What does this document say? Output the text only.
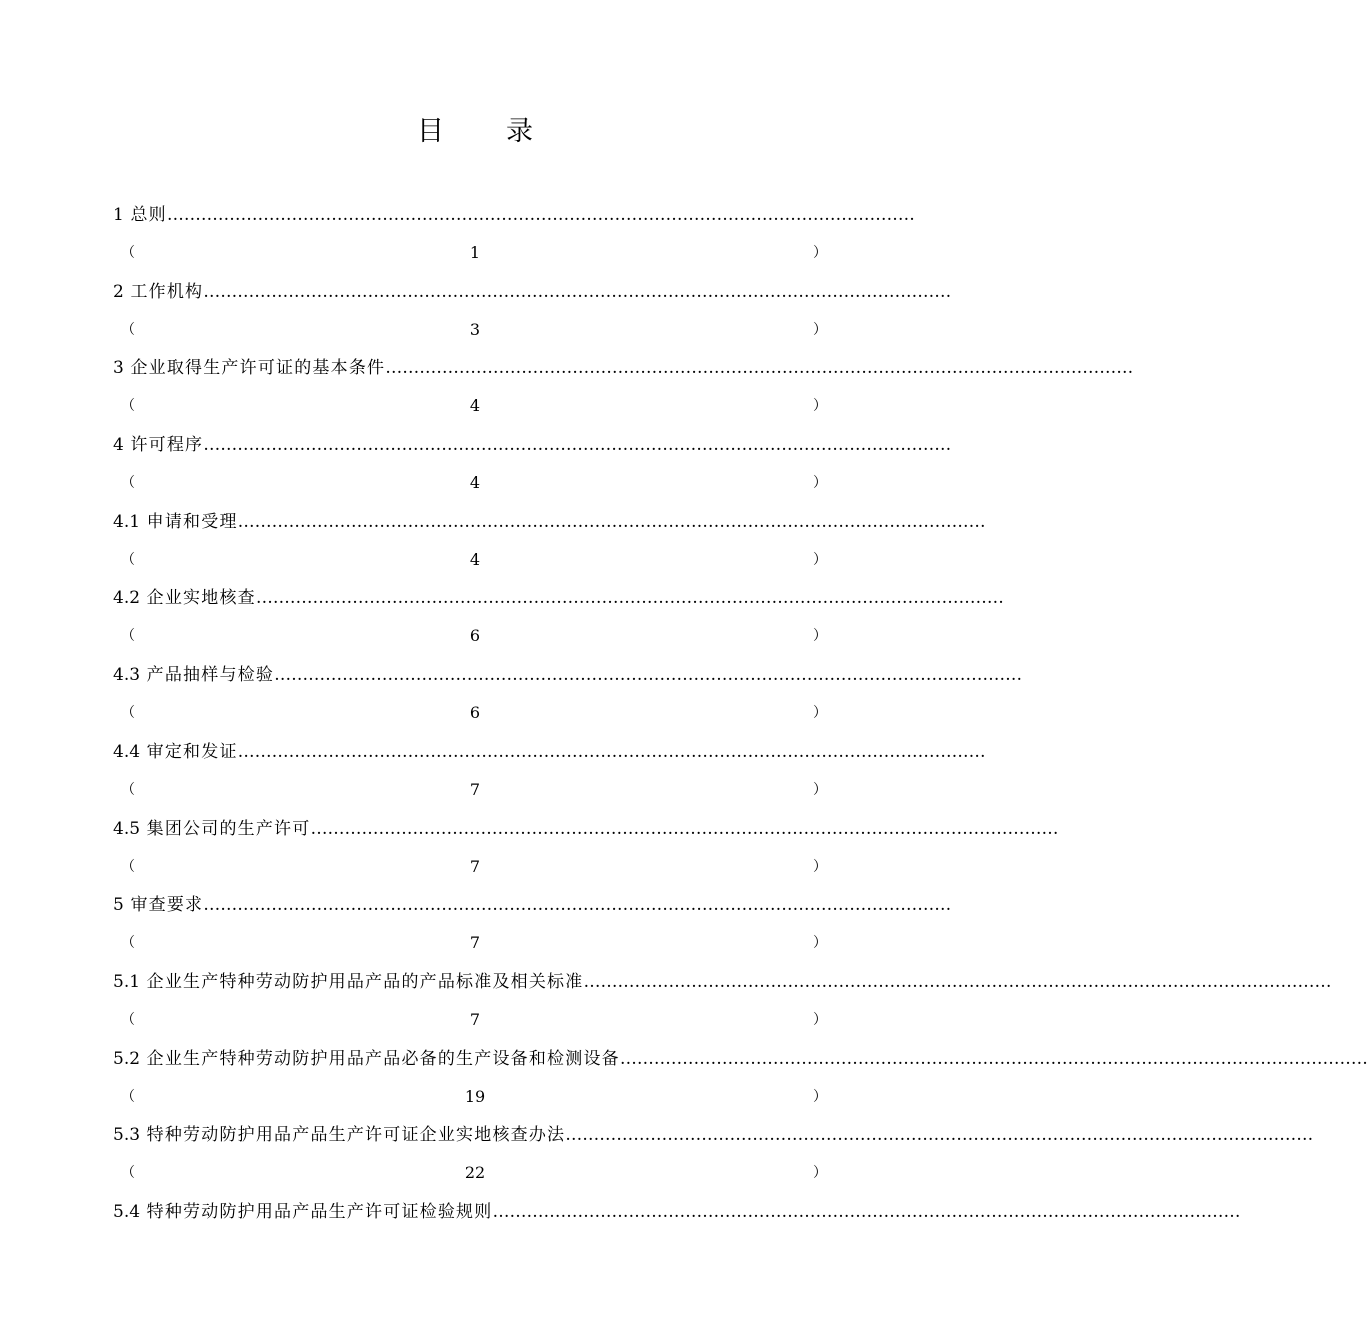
目 录
1 总则……………………………………………………………………………………………………………………
（	1	）
2 工作机构……………………………………………………………………………………………………………………
（	3	）
3 企业取得生产许可证的基本条件……………………………………………………………………………………………………………………
（	4	）
4 许可程序……………………………………………………………………………………………………………………
（	4	）
4.1 申请和受理……………………………………………………………………………………………………………………
（	4	）
4.2 企业实地核查……………………………………………………………………………………………………………………
（	6	）
4.3 产品抽样与检验……………………………………………………………………………………………………………………
（	6	）
4.4 审定和发证……………………………………………………………………………………………………………………
（	7	）
4.5 集团公司的生产许可……………………………………………………………………………………………………………………
（	7	）
5 审查要求……………………………………………………………………………………………………………………
（	7	）
5.1 企业生产特种劳动防护用品产品的产品标准及相关标准……………………………………………………………………………………………………………………
（	7	）
5.2 企业生产特种劳动防护用品产品必备的生产设备和检测设备……………………………………………………………………………………………………………………
（	19	）
5.3 特种劳动防护用品产品生产许可证企业实地核查办法……………………………………………………………………………………………………………………
（	22	）
5.4 特种劳动防护用品产品生产许可证检验规则……………………………………………………………………………………………………………………
